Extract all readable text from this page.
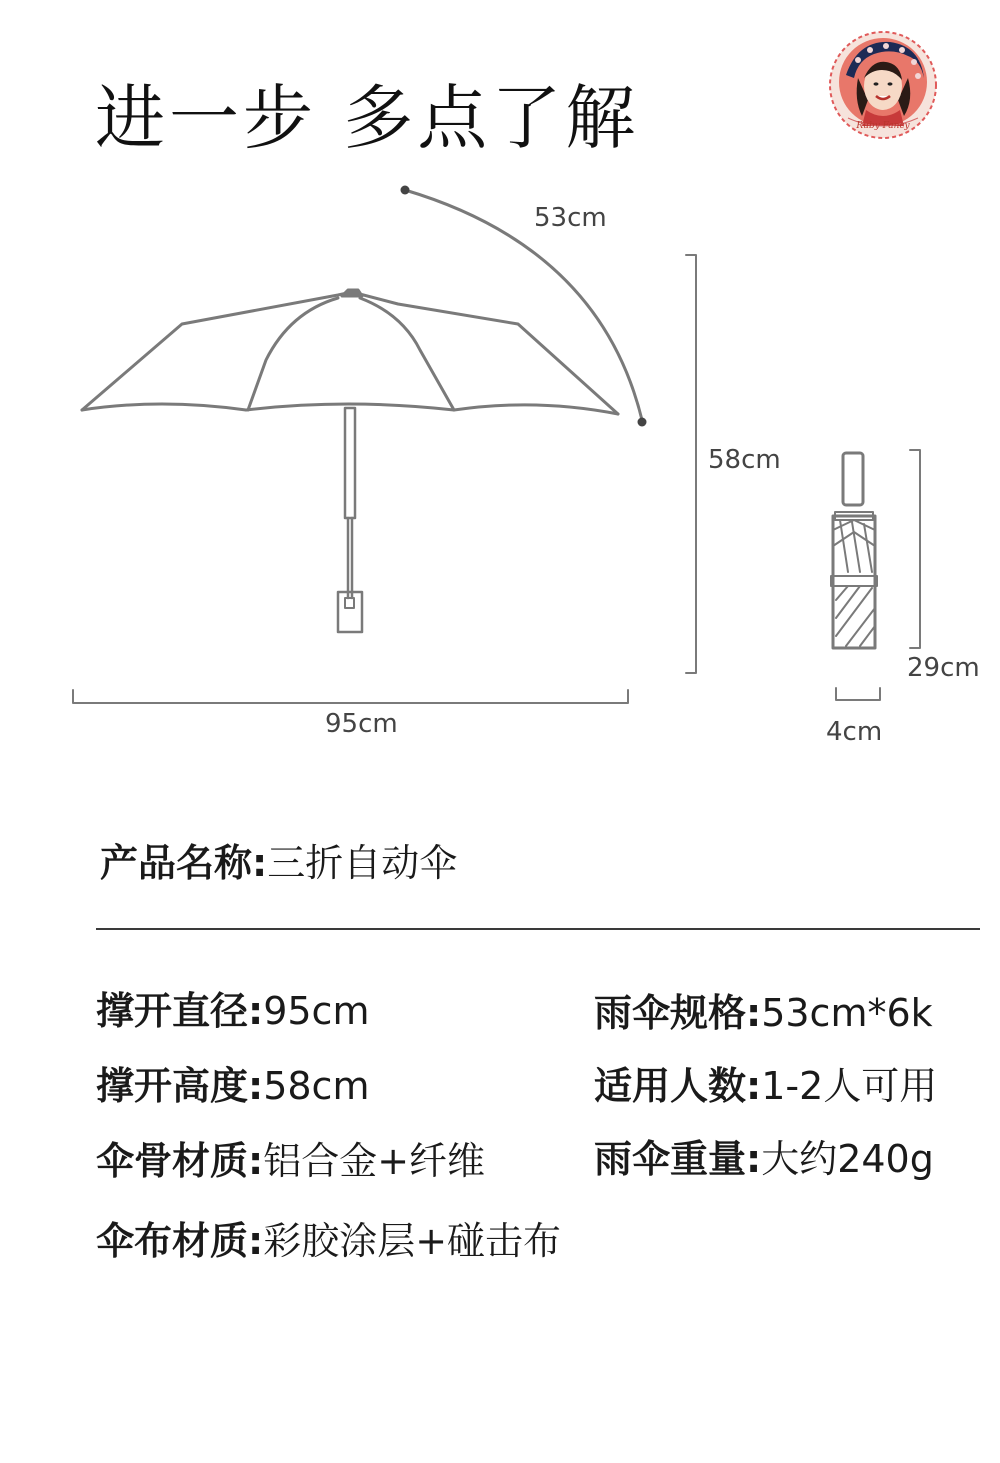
进一步 多点了解	Ruby Fancy
53cm
58cm
95cm
29cm
4cm
产品名称:三折自动伞
撑开直径:95cm
撑开高度:58cm
伞骨材质:铝合金+纤维
伞布材质:彩胶涂层+碰击布
雨伞规格:53cm*6k
适用人数:1-2人可用
雨伞重量:大约240g
